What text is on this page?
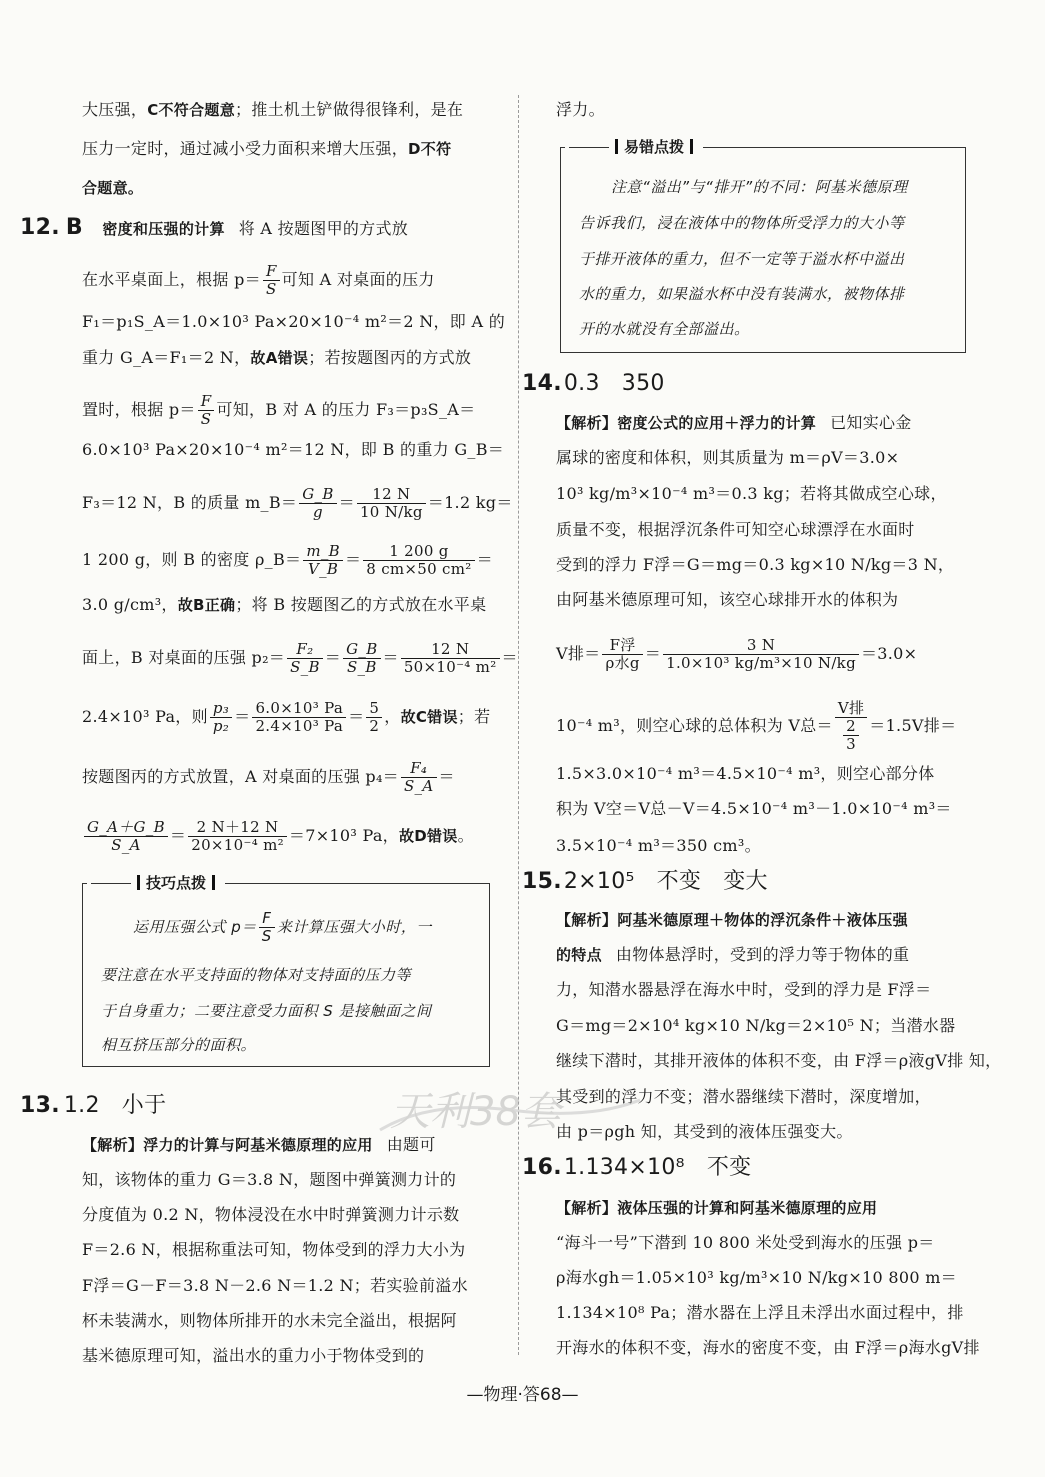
大压强，C不符合题意；推土机土铲做得很锋利，是在
压力一定时，通过减小受力面积来增大压强，D不符
合题意。
12. B 密度和压强的计算 将 A 按题图甲的方式放
在水平桌面上，根据 $p= \frac{F}{S}$ 可知 A 对桌面的压力
F₁＝p₁S_A＝1.0×10³ Pa×20×10⁻⁴ m²＝2 N，即 A 的
重力 G_A＝F₁＝2 N，故A错误；若按题图丙的方式放
置时，根据 $p= \frac{F}{S}$ 可知，B 对 A 的压力 F₃＝p₃S_A＝
6.0×10³ Pa×20×10⁻⁴ m²＝12 N，即 B 的重力 G_B＝
F₃＝12 N，B 的质量 m_B＝ $\frac{G\_B}{g} = \frac{12 N}{10 N/kg} =1.2$ kg＝
1 200 g，则 B 的密度 ρ_B＝ $\frac{m\_B}{V\_B} = \frac{1 200 g}{\text{8 cm×50 cm²}}$ ＝
3.0 g/cm³，故B正确；将 B 按题图乙的方式放在水平桌
面上，B 对桌面的压强 $p_2= \frac{\text{F₂}}{S\_B} = \frac{G\_B}{S\_B} = \frac{12 N}{\text{50×10⁻⁴ m²}}$ ＝
2.4×10³ Pa，则 $\frac{\text{p₃}}{\text{p₂}} = \frac{\text{6.0×10³ Pa}}{\text{2.4×10³ Pa}} = \frac{5}{2}$ ，故C错误；若
按题图丙的方式放置，A 对桌面的压强 $p_4= \frac{\text{F₄}}{S\_A}$ ＝
$\frac{G\_A+G\_B}{S\_A} = \frac{2 N+12 N}{\text{20×10⁻⁴ m²}} =7\times 10^3$ Pa，故D错误。
技巧点拨
运用压强公式 $p= \frac{F}{S}$ 来计算压强大小时，一
要注意在水平支持面的物体对支持面的压力等
于自身重力；二要注意受力面积 S 是接触面之间
相互挤压部分的面积。
13. 1.2 小于
【解析】浮力的计算与阿基米德原理的应用 由题可
知，该物体的重力 G＝3.8 N，题图中弹簧测力计的
分度值为 0.2 N，物体浸没在水中时弹簧测力计示数
F＝2.6 N，根据称重法可知，物体受到的浮力大小为
F浮＝G－F＝3.8 N－2.6 N＝1.2 N；若实验前溢水
杯未装满水，则物体所排开的水未完全溢出，根据阿
基米德原理可知，溢出水的重力小于物体受到的
浮力。
易错点拨
注意“溢出”与“排开”的不同：阿基米德原理
告诉我们，浸在液体中的物体所受浮力的大小等
于排开液体的重力，但不一定等于溢水杯中溢出
水的重力，如果溢水杯中没有装满水，被物体排
开的水就没有全部溢出。
14.0.3 350
【解析】密度公式的应用＋浮力的计算 已知实心金
属球的密度和体积，则其质量为 m＝ρV＝3.0×
10³ kg/m³×10⁻⁴ m³＝0.3 kg；若将其做成空心球，
质量不变，根据浮沉条件可知空心球漂浮在水面时
受到的浮力 F浮＝G＝mg＝0.3 kg×10 N/kg＝3 N，
由阿基米德原理可知，该空心球排开水的体积为
V排＝ $\frac{\text{F浮}}{\text{ρ水g}} = \frac{3 N}{\text{1.0×10³ kg/m³×10 N/kg}} =3.0\times$
10⁻⁴ m³，则空心球的总体积为 V总＝ $\frac{\text{V排}}{\frac{2}{3}} =1.5V$排＝
1.5×3.0×10⁻⁴ m³＝4.5×10⁻⁴ m³，则空心部分体
积为 V空＝V总－V＝4.5×10⁻⁴ m³－1.0×10⁻⁴ m³＝
3.5×10⁻⁴ m³＝350 cm³。
15.2×10⁵ 不变 变大
【解析】阿基米德原理＋物体的浮沉条件＋液体压强
的特点 由物体悬浮时，受到的浮力等于物体的重
力，知潜水器悬浮在海水中时，受到的浮力是 F浮＝
G＝mg＝2×10⁴ kg×10 N/kg＝2×10⁵ N；当潜水器
继续下潜时，其排开液体的体积不变，由 F浮＝ρ液gV排 知，
其受到的浮力不变；潜水器继续下潜时，深度增加，
由 p＝ρgh 知，其受到的液体压强变大。
16.1.134×10⁸ 不变
【解析】液体压强的计算和阿基米德原理的应用
“海斗一号”下潜到 10 800 米处受到海水的压强 p＝
ρ海水gh＝1.05×10³ kg/m³×10 N/kg×10 800 m＝
1.134×10⁸ Pa；潜水器在上浮且未浮出水面过程中，排
开海水的体积不变，海水的密度不变，由 F浮＝ρ海水gV排
天利38套
—物理·答68—
